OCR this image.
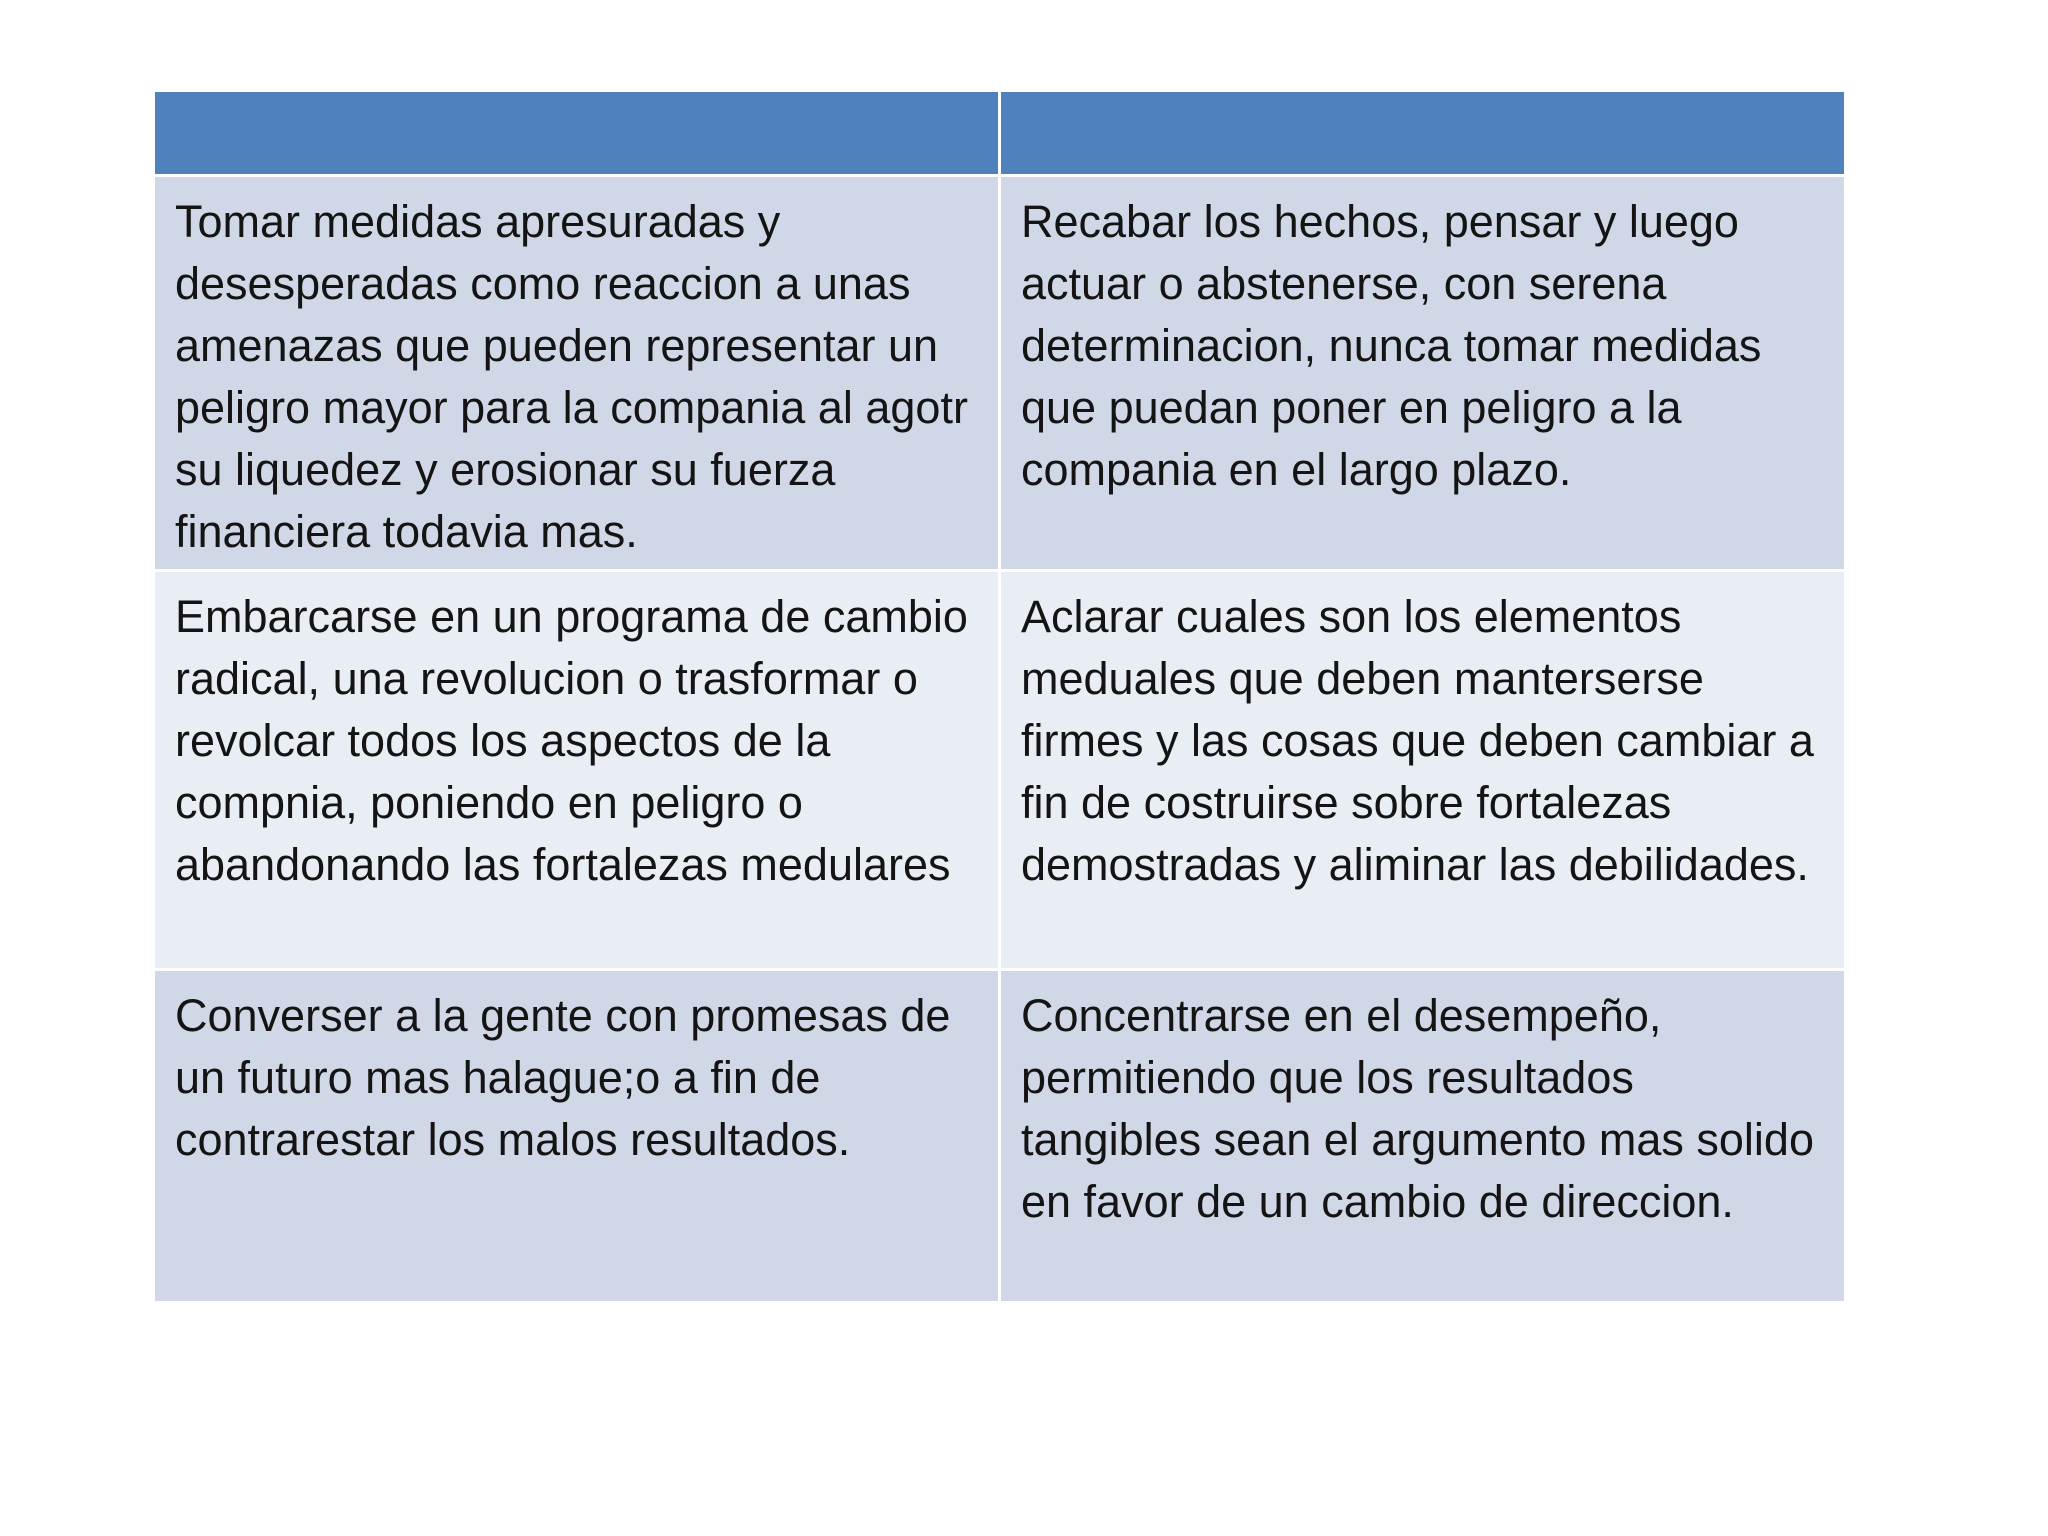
Tomar medidas apresuradas y desesperadas como reaccion a unas amenazas que pueden representar un peligro mayor para la compania al agotr su liquedez y erosionar su fuerza financiera todavia mas.
Recabar los hechos, pensar y luego actuar o abstenerse, con serena determinacion, nunca tomar medidas que puedan poner en peligro a la compania en el largo plazo.
Embarcarse en un programa de cambio radical, una revolucion o trasformar o revolcar todos los aspectos de la compnia, poniendo en peligro o abandonando las fortalezas medulares
Aclarar cuales son los elementos meduales que deben manterserse firmes y las cosas que deben cambiar a fin de costruirse sobre fortalezas demostradas y aliminar las debilidades.
Converser a la gente con promesas de un futuro mas halague;o a fin de contrarestar los malos resultados.
Concentrarse en el desempeño, permitiendo que los resultados tangibles sean el argumento mas solido en favor de un cambio de direccion.
